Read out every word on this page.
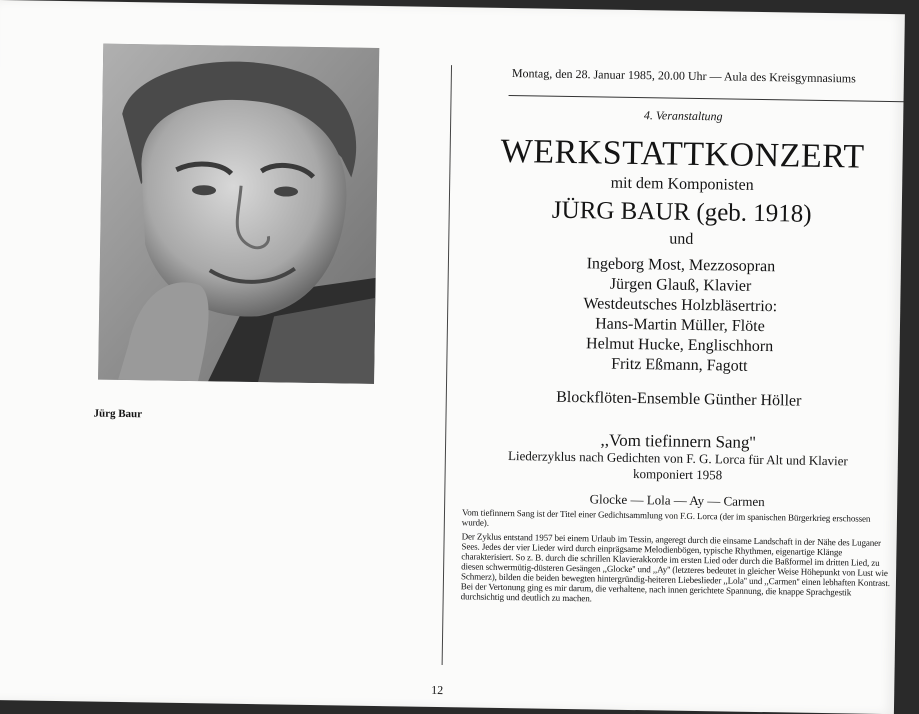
Jürg Baur
12
Montag, den 28. Januar 1985, 20.00 Uhr — Aula des Kreisgymnasiums
4. Veranstaltung
WERKSTATTKONZERT
mit dem Komponisten
JÜRG BAUR (geb. 1918)
und
Ingeborg Most, Mezzosopran
Jürgen Glauß, Klavier
Westdeutsches Holzbläsertrio:
Hans-Martin Müller, Flöte
Helmut Hucke, Englischhorn
Fritz Eßmann, Fagott
Blockflöten-Ensemble Günther Höller
,,Vom tiefinnern Sang''
Liederzyklus nach Gedichten von F. G. Lorca für Alt und Klavier
komponiert 1958
Glocke — Lola — Ay — Carmen

Vom tiefinnern Sang ist der Titel einer Gedichtsammlung von F.G. Lorca (der im spanischen Bürgerkrieg erschossen wurde).

Der Zyklus entstand 1957 bei einem Urlaub im Tessin, angeregt durch die einsame Landschaft in der Nähe des Luganer Sees. Jedes der vier Lieder wird durch einprägsame Melodienbögen, typische Rhythmen, eigenartige Klänge charakterisiert. So z. B. durch die schrillen Klavierakkorde im ersten Lied oder durch die Baßformel im dritten Lied, zu diesen schwermütig-düsteren Gesängen ,,Glocke'' und ,,Ay'' (letzteres bedeutet in gleicher Weise Höhepunkt von Lust wie Schmerz), bilden die beiden bewegten hintergründig-heiteren Liebeslieder ,,Lola'' und ,,Carmen'' einen lebhaften Kontrast. Bei der Vertonung ging es mir darum, die verhaltene, nach innen gerichtete Spannung, die knappe Sprachgestik durchsichtig und deutlich zu machen.
